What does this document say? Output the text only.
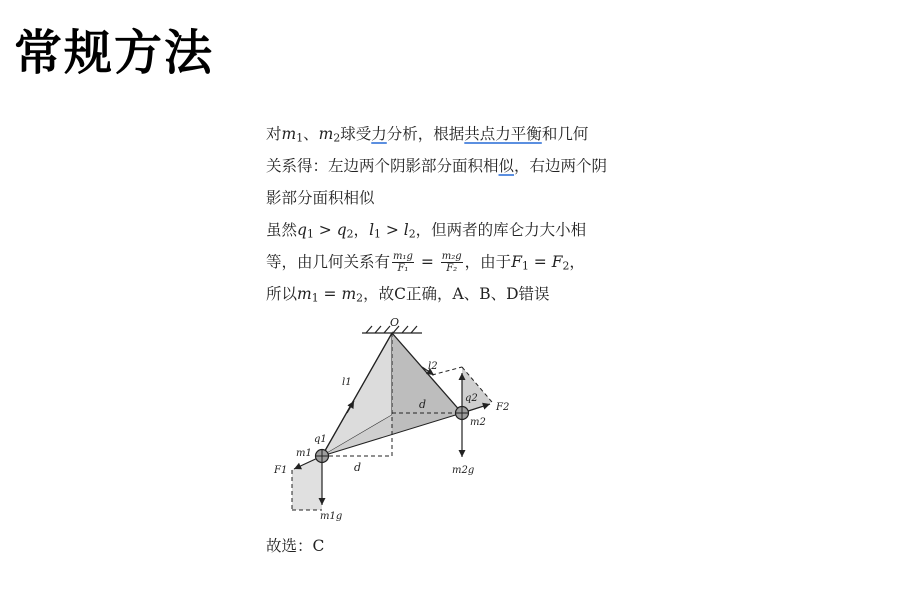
常规方法
对$m_1$、$m_2$球受力分析，根据共点力平衡和几何
关系得：左边两个阴影部分面积相似，右边两个阴
影部分面积相似
虽然$q_1 > q_2$，$l_1 > l_2$，但两者的库仑力大小相
等，由几何关系有 $\frac{\text{m₁g}}{\text{F₁}} = \frac{\text{m₂g}}{\text{F₂}}$ ，由于$F_1 = F_2$，
所以$m_1 = m_2$，故C正确，A、B、D错误
O
l1
l2
q1
q2
m1
m2
d
d
F1
F2
m1g
m2g
故选：C
